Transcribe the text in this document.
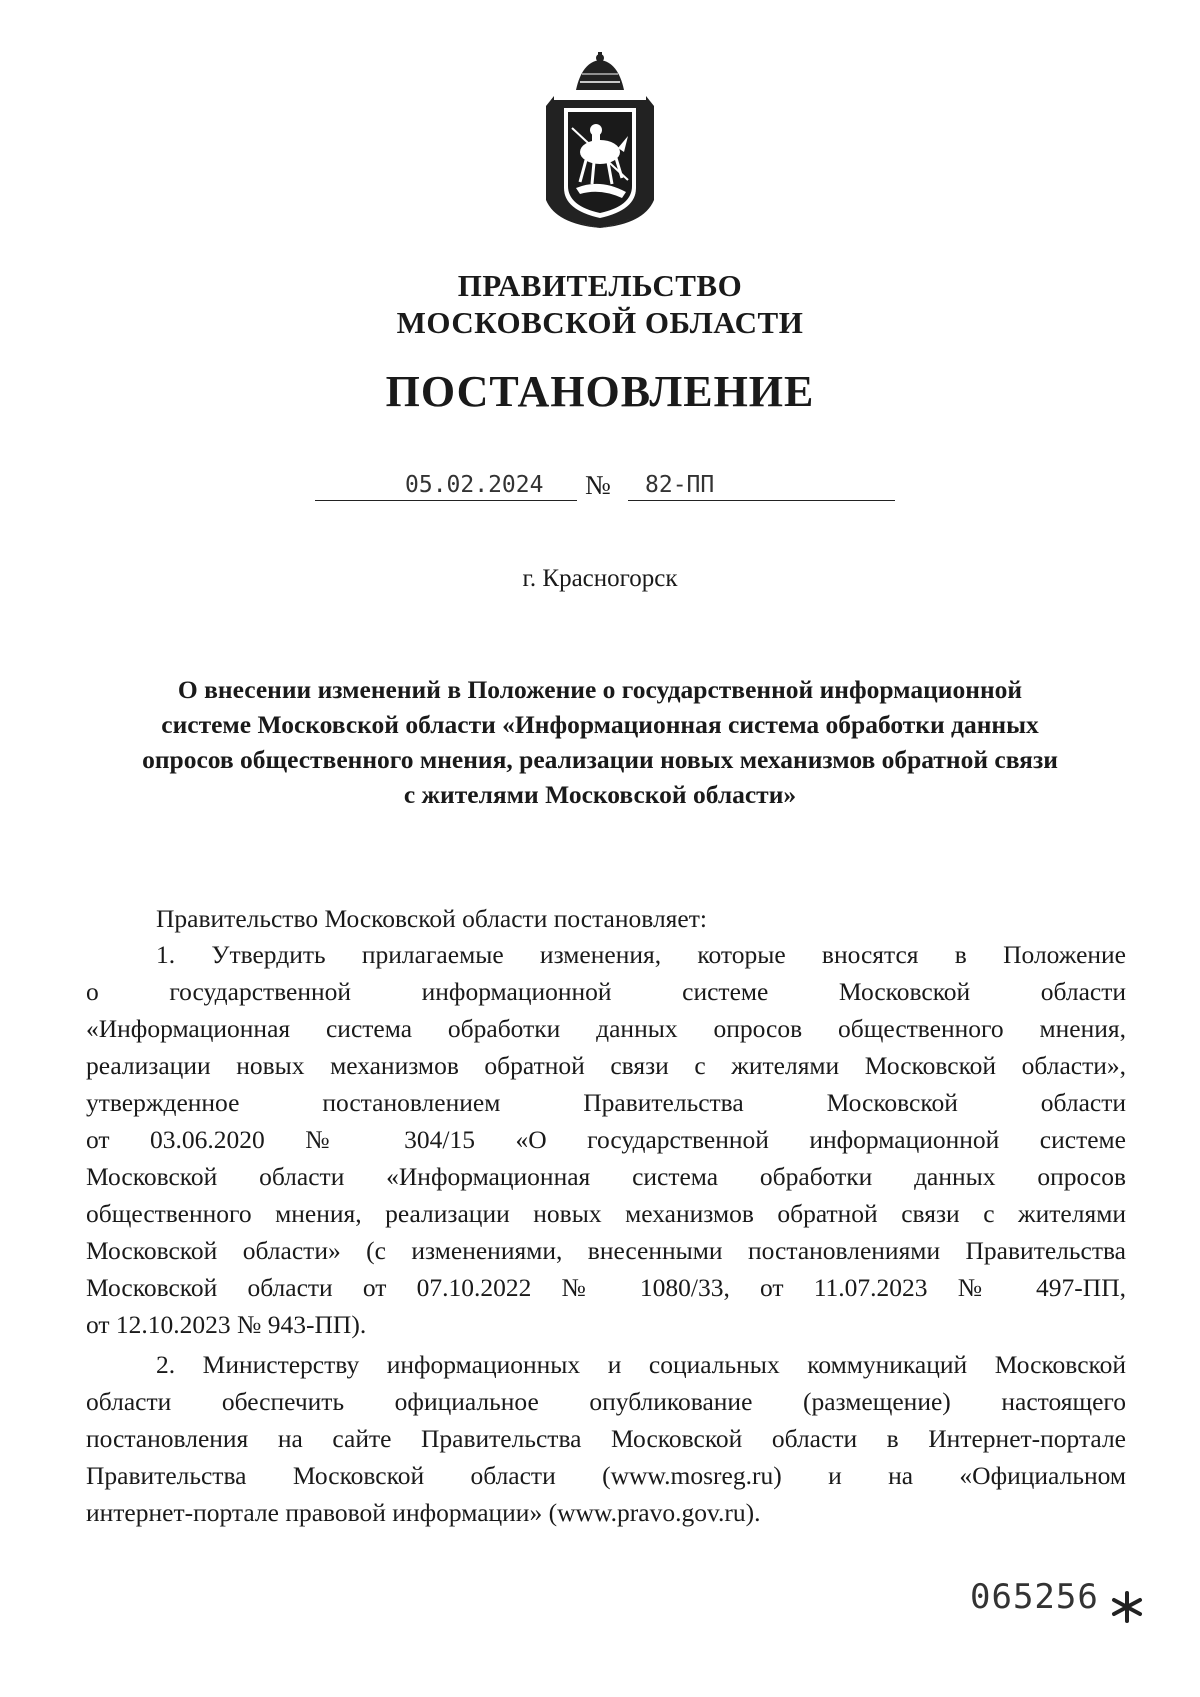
ПРАВИТЕЛЬСТВО
МОСКОВСКОЙ ОБЛАСТИ
ПОСТАНОВЛЕНИЕ
05.02.2024 № 82-ПП
г. Красногорск
О внесении изменений в Положение о государственной информационной
системе Московской области «Информационная система обработки данных
опросов общественного мнения, реализации новых механизмов обратной связи
с жителями Московской области»
Правительство Московской области постановляет:
1. Утвердить прилагаемые изменения, которые вносятся в Положение
о государственной информационной системе Московской области
«Информационная система обработки данных опросов общественного мнения,
реализации новых механизмов обратной связи с жителями Московской области»,
утвержденное постановлением Правительства Московской области
от 03.06.2020 № 304/15 «О государственной информационной системе
Московской области «Информационная система обработки данных опросов
общественного мнения, реализации новых механизмов обратной связи с жителями
Московской области» (с изменениями, внесенными постановлениями Правительства
Московской области от 07.10.2022 № 1080/33, от 11.07.2023 № 497-ПП,
от 12.10.2023 № 943-ПП).
2. Министерству информационных и социальных коммуникаций Московской
области обеспечить официальное опубликование (размещение) настоящего
постановления на сайте Правительства Московской области в Интернет-портале
Правительства Московской области (www.mosreg.ru) и на «Официальном
интернет-портале правовой информации» (www.pravo.gov.ru).
065256
